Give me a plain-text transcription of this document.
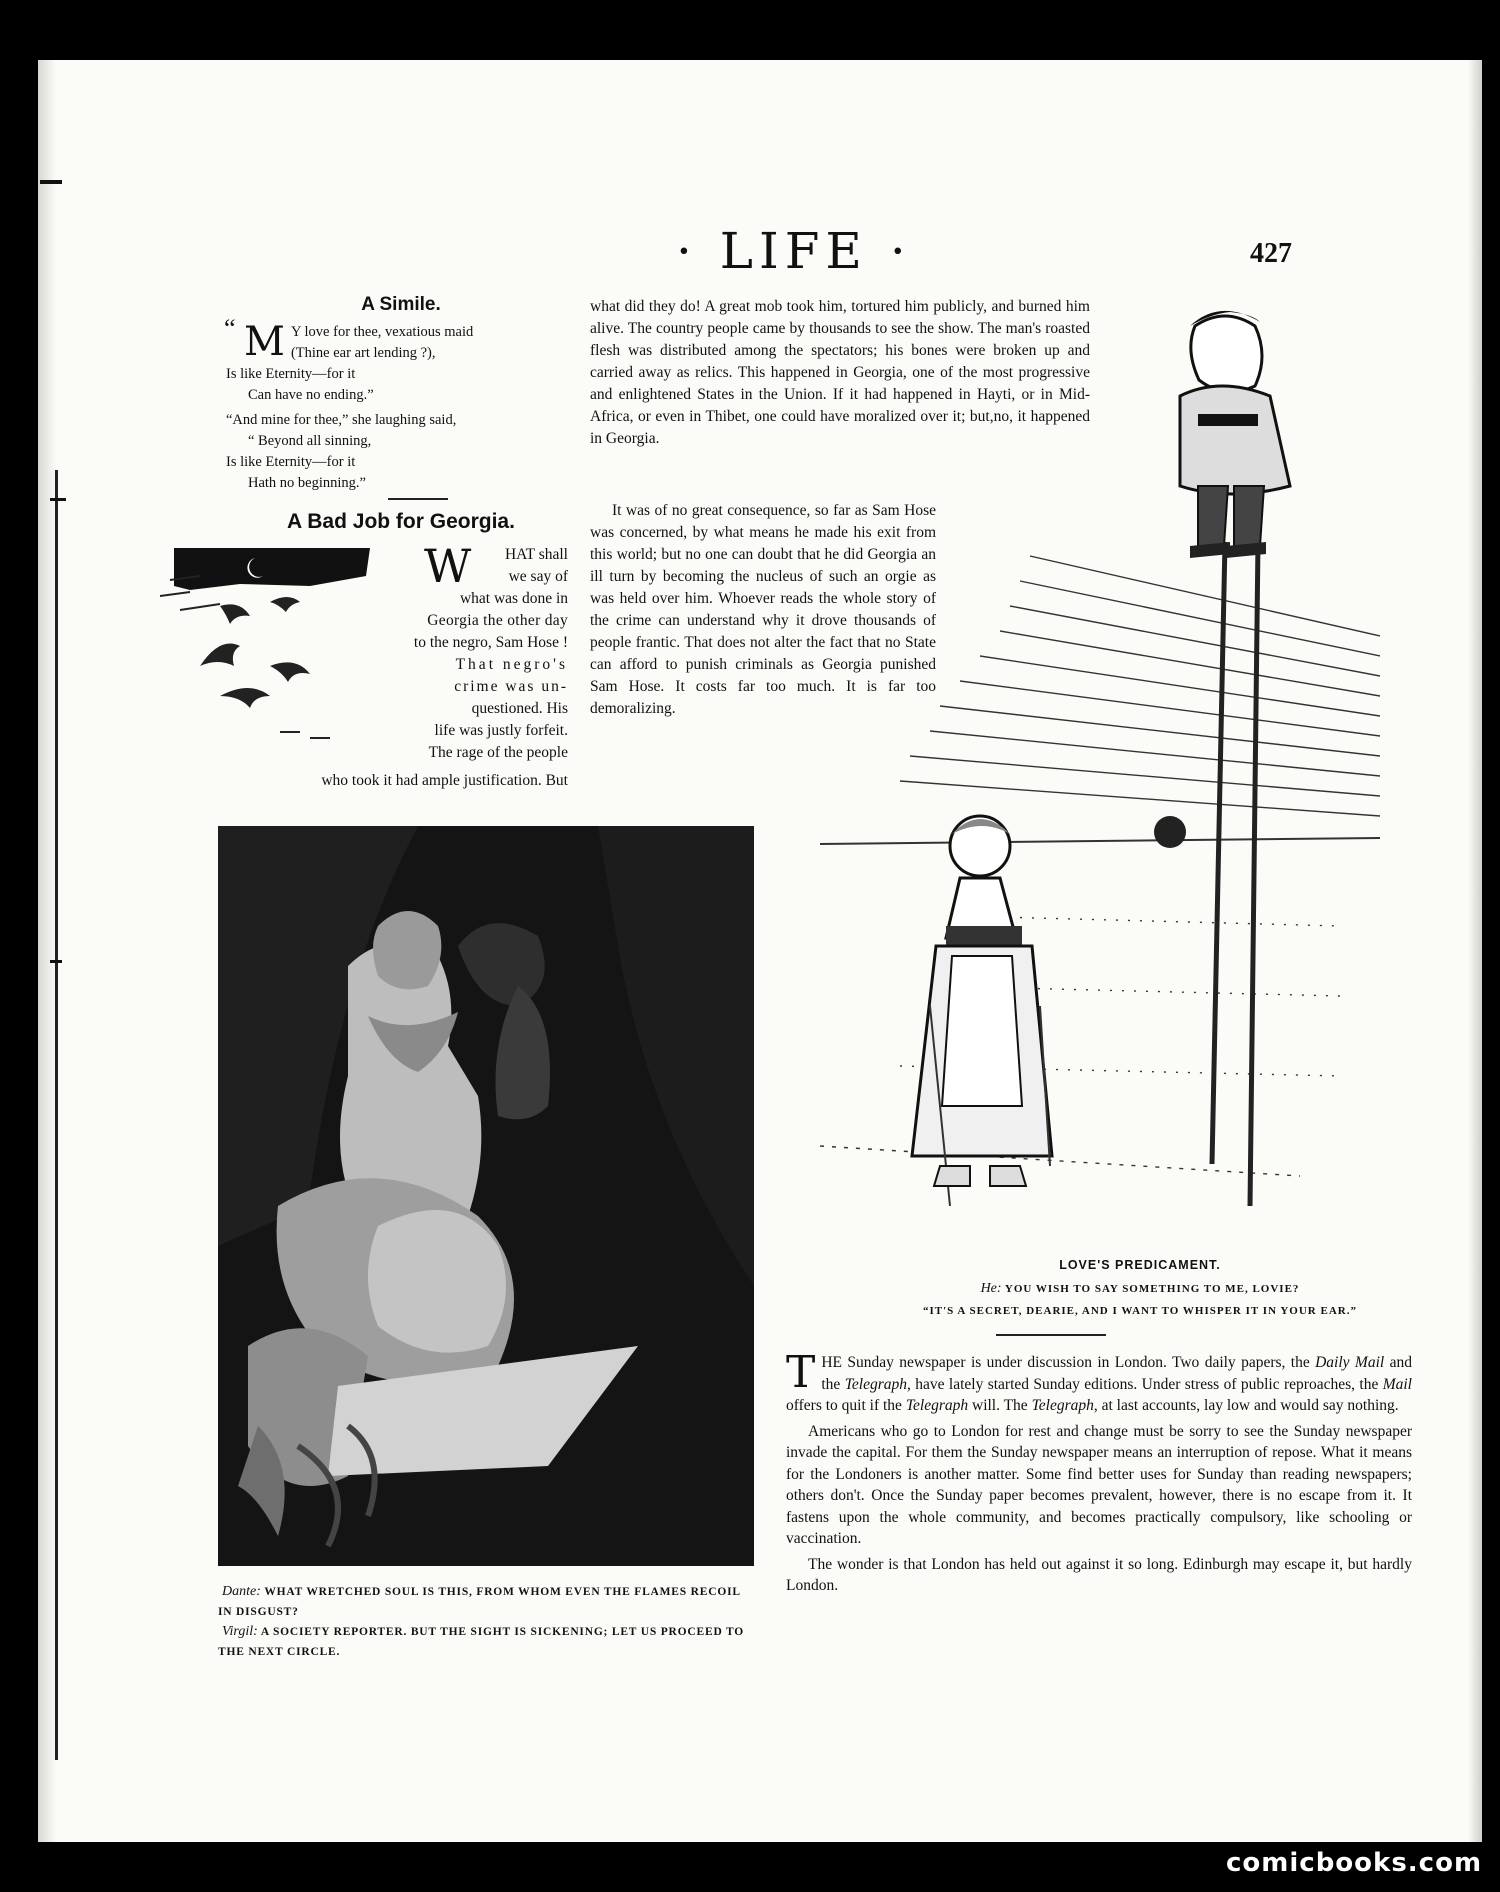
· LIFE ·	427
A Simile.
“ M Y love for thee, vexatious maid
(Thine ear art lending ?),
Is like Eternity—for it
Can have no ending.”
“And mine for thee,” she laughing said,
“ Beyond all sinning,
Is like Eternity—for it
Hath no beginning.”
A Bad Job for Georgia.
W	HAT shall
we say of
what was done in
Georgia the other day
to the negro, Sam Hose !
That negro's
crime was un-
questioned. His
life was justly forfeit.
The rage of the people
who took it had ample justification. But

what did they do! A great mob took him, tortured him publicly, and burned him alive. The country people came by thousands to see the show. The man's roasted flesh was distributed among the spectators; his bones were broken up and carried away as relics. This happened in Georgia, one of the most progressive and enlightened States in the Union. If it had happened in Hayti, or in Mid-Africa, or even in Thibet, one could have moralized over it; but,no, it happened in Georgia.

It was of no great consequence, so far as Sam Hose was concerned, by what means he made his exit from this world; but no one can doubt that he did Georgia an ill turn by becoming the nucleus of such an orgie as was held over him. Whoever reads the whole story of the crime can understand why it drove thousands of people frantic. That does not alter the fact that no State can afford to punish criminals as Georgia punished Sam Hose. It costs far too much. It is far too demoralizing.

Dante: WHAT WRETCHED SOUL IS THIS, FROM WHOM EVEN THE FLAMES RECOIL IN DISGUST?
Virgil: A SOCIETY REPORTER. BUT THE SIGHT IS SICKENING; LET US PROCEED TO THE NEXT CIRCLE.
LOVE'S PREDICAMENT.
He: YOU WISH TO SAY SOMETHING TO ME, LOVIE?
“IT'S A SECRET, DEARIE, AND I WANT TO WHISPER IT IN YOUR EAR.”

THE Sunday newspaper is under discussion in London. Two daily papers, the Daily Mail and the Telegraph, have lately started Sunday editions. Under stress of public reproaches, the Mail offers to quit if the Telegraph will. The Telegraph, at last accounts, lay low and would say nothing.

Americans who go to London for rest and change must be sorry to see the Sunday newspaper invade the capital. For them the Sunday newspaper means an interruption of repose. What it means for the Londoners is another matter. Some find better uses for Sunday than reading newspapers; others don't. Once the Sunday paper becomes prevalent, however, there is no escape from it. It fastens upon the whole community, and becomes practically compulsory, like schooling or vaccination.

The wonder is that London has held out against it so long. Edinburgh may escape it, but hardly London.

comicbooks.com
